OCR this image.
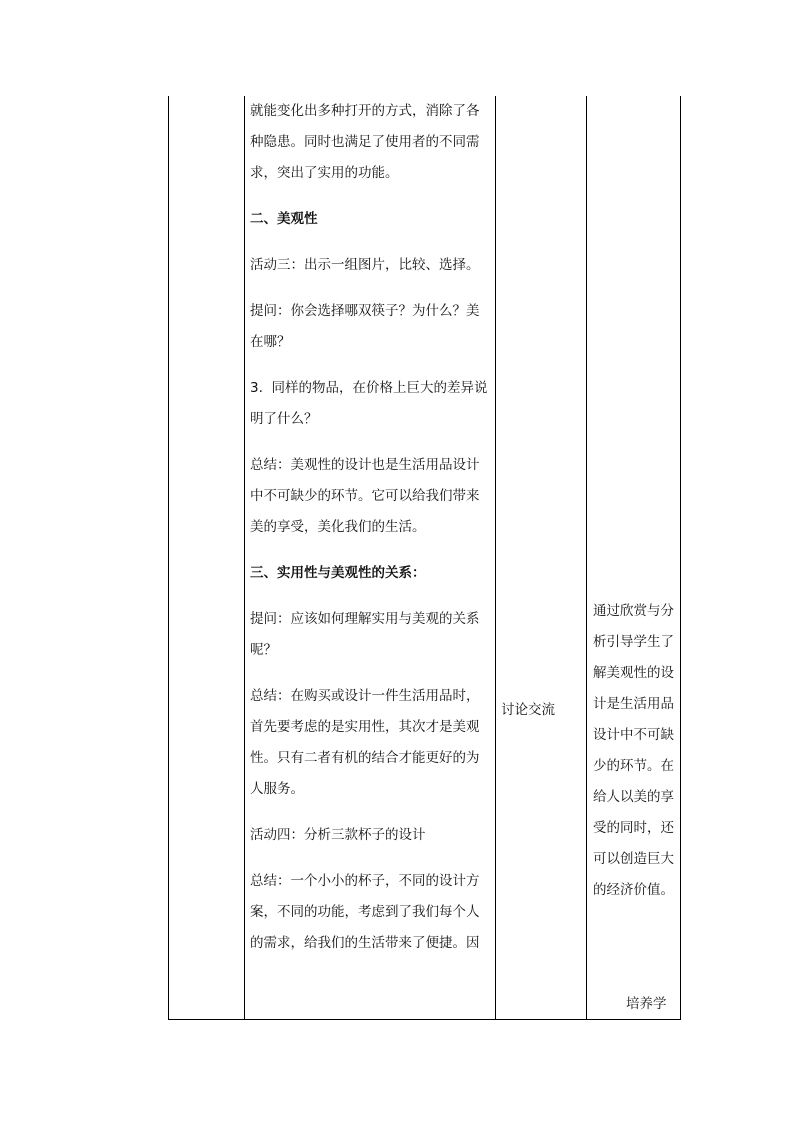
就能变化出多种打开的方式，消除了各种隐患。同时也满足了使用者的不同需求，突出了实用的功能。

二、美观性

活动三：出示一组图片，比较、选择。

提问：你会选择哪双筷子？为什么？美在哪？

3.  同样的物品，在价格上巨大的差异说明了什么？

总结：美观性的设计也是生活用品设计中不可缺少的环节。它可以给我们带来美的享受，美化我们的生活。

三、实用性与美观性的关系：

提问：应该如何理解实用与美观的关系呢？

总结：在购买或设计一件生活用品时，首先要考虑的是实用性，其次才是美观性。只有二者有机的结合才能更好的为人服务。

活动四：分析三款杯子的设计

总结：一个小小的杯子，不同的设计方案，不同的功能，考虑到了我们每个人的需求，给我们的生活带来了便捷。因

讨论交流

通过欣赏与分析引导学生了解美观性的设计是生活用品设计中不可缺少的环节。在给人以美的享受的同时，还可以创造巨大的经济价值。

培养学
